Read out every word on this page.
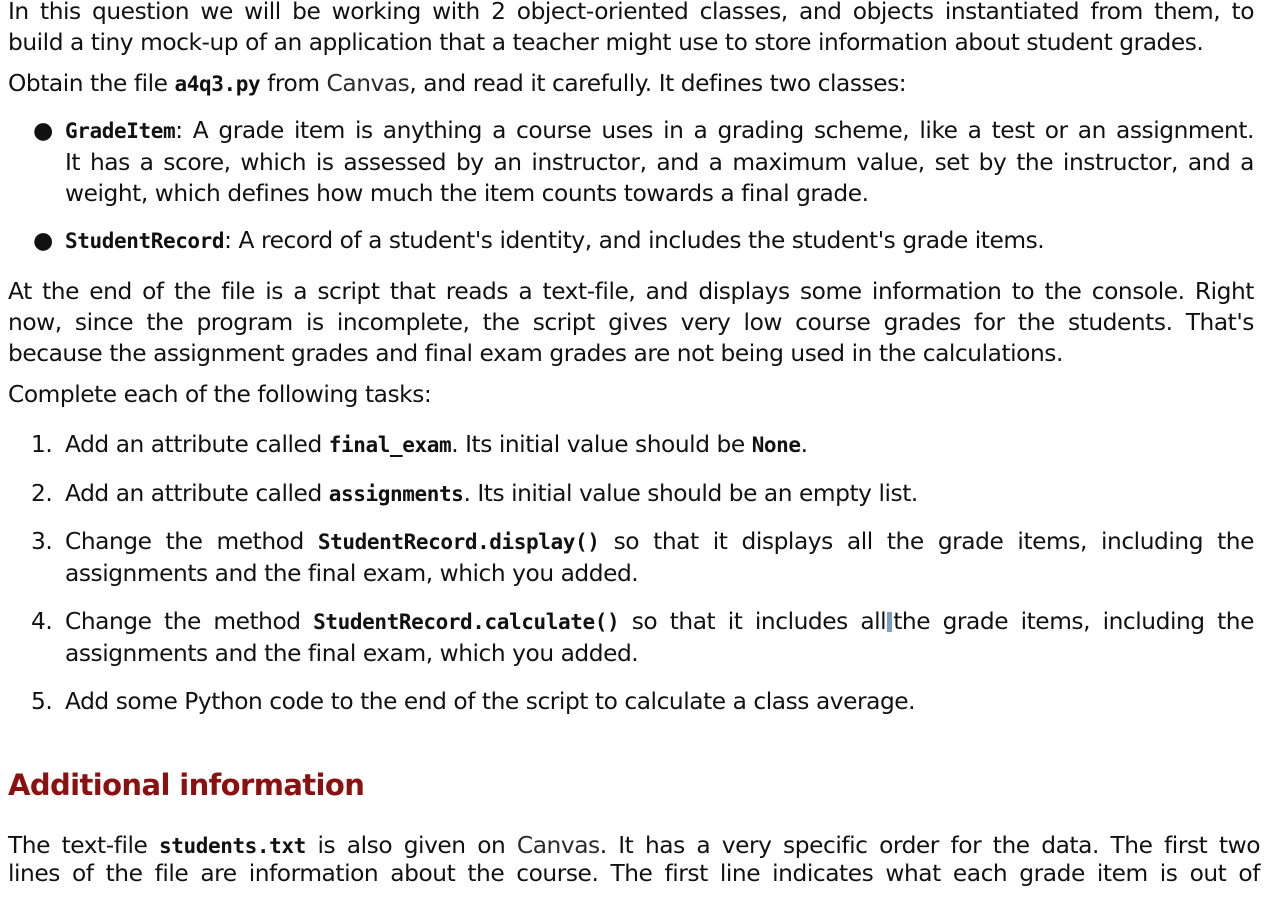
In this question we will be working with 2 object-oriented classes, and objects instantiated from them, to

build a tiny mock-up of an application that a teacher might use to store information about student grades.

Obtain the file a4q3.py from Canvas, and read it carefully. It defines two classes:

● GradeItem: A grade item is anything a course uses in a grading scheme, like a test or an assignment.
It has a score, which is assessed by an instructor, and a maximum value, set by the instructor, and a
weight, which defines how much the item counts towards a final grade.
● StudentRecord: A record of a student's identity, and includes the student's grade items.

At the end of the file is a script that reads a text-file, and displays some information to the console. Right

now, since the program is incomplete, the script gives very low course grades for the students. That's

because the assignment grades and final exam grades are not being used in the calculations.

Complete each of the following tasks:

1. Add an attribute called final_exam. Its initial value should be None.
2. Add an attribute called assignments. Its initial value should be an empty list.
3. Change the method StudentRecord.display() so that it displays all the grade items, including the
assignments and the final exam, which you added.
4. Change the method StudentRecord.calculate() so that it includes all the grade items, including the
assignments and the final exam, which you added.
5. Add some Python code to the end of the script to calculate a class average.
Additional information

The text-file students.txt is also given on Canvas. It has a very specific order for the data. The first two

lines of the file are information about the course. The first line indicates what each grade item is out of
